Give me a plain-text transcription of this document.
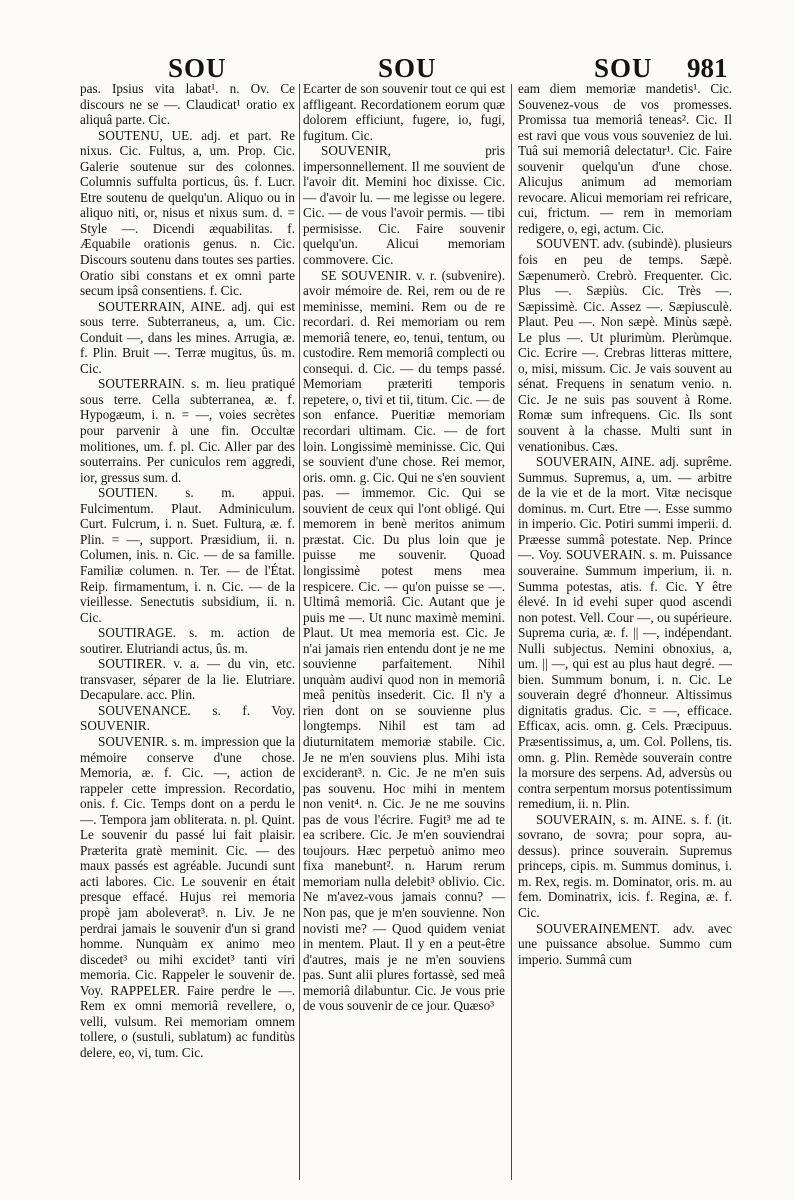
SOU	SOU	SOU 981

pas. Ipsius vita labat¹. n. Ov. Ce discours ne se —. Claudicat¹ oratio ex aliquâ parte. Cic.

SOUTENU, UE. adj. et part. Re nixus. Cic. Fultus, a, um. Prop. Cic. Galerie soutenue sur des colonnes. Columnis suffulta porticus, ûs. f. Lucr. Etre soutenu de quelqu'un. Aliquo ou in aliquo niti, or, nisus et nixus sum. d. = Style —. Dicendi æquabilitas. f. Æquabile orationis genus. n. Cic. Discours soutenu dans toutes ses parties. Oratio sibi constans et ex omni parte secum ipsâ consentiens. f. Cic.

SOUTERRAIN, AINE. adj. qui est sous terre. Subterraneus, a, um. Cic. Conduit —, dans les mines. Arrugia, æ. f. Plin. Bruit —. Terræ mugitus, ûs. m. Cic.

SOUTERRAIN. s. m. lieu pratiqué sous terre. Cella subterranea, æ. f. Hypogæum, i. n. = —, voies secrètes pour parvenir à une fin. Occultæ molitiones, um. f. pl. Cic. Aller par des souterrains. Per cuniculos rem aggredi, ior, gressus sum. d.

SOUTIEN. s. m. appui. Fulcimentum. Plaut. Adminiculum. Curt. Fulcrum, i. n. Suet. Fultura, æ. f. Plin. = —, support. Præsidium, ii. n. Columen, inis. n. Cic. — de sa famille. Familiæ columen. n. Ter. — de l'État. Reip. firmamentum, i. n. Cic. — de la vieillesse. Senectutis subsidium, ii. n. Cic.

SOUTIRAGE. s. m. action de soutirer. Elutriandi actus, ûs. m.

SOUTIRER. v. a. — du vin, etc. transvaser, séparer de la lie. Elutriare. Decapulare. acc. Plin.

SOUVENANCE. s. f. Voy. SOUVENIR.

SOUVENIR. s. m. impression que la mémoire conserve d'une chose. Memoria, æ. f. Cic. —, action de rappeler cette impression. Recordatio, onis. f. Cic. Temps dont on a perdu le —. Tempora jam obliterata. n. pl. Quint. Le souvenir du passé lui fait plaisir. Præterita gratè meminit. Cic. — des maux passés est agréable. Jucundi sunt acti labores. Cic. Le souvenir en était presque effacé. Hujus rei memoria propè jam aboleverat³. n. Liv. Je ne perdrai jamais le souvenir d'un si grand homme. Nunquàm ex animo meo discedet³ ou mihi excidet³ tanti viri memoria. Cic. Rappeler le souvenir de. Voy. RAPPELER. Faire perdre le —. Rem ex omni memoriâ revellere, o, velli, vulsum. Rei memoriam omnem tollere, o (sustuli, sublatum) ac funditùs delere, eo, vi, tum. Cic.

Ecarter de son souvenir tout ce qui est affligeant. Recordationem eorum quæ dolorem efficiunt, fugere, io, fugi, fugitum. Cic.

SOUVENIR, pris impersonnellement. Il me souvient de l'avoir dit. Memini hoc dixisse. Cic. — d'avoir lu. — me legisse ou legere. Cic. — de vous l'avoir permis. — tibi permisisse. Cic. Faire souvenir quelqu'un. Alicui memoriam commovere. Cic.

SE SOUVENIR. v. r. (subvenire). avoir mémoire de. Rei, rem ou de re meminisse, memini. Rem ou de re recordari. d. Rei memoriam ou rem memoriâ tenere, eo, tenui, tentum, ou custodire. Rem memoriâ complecti ou consequi. d. Cic. — du temps passé. Memoriam præteriti temporis repetere, o, tivi et tii, titum. Cic. — de son enfance. Pueritiæ memoriam recordari ultimam. Cic. — de fort loin. Longissimè meminisse. Cic. Qui se souvient d'une chose. Rei memor, oris. omn. g. Cic. Qui ne s'en souvient pas. — immemor. Cic. Qui se souvient de ceux qui l'ont obligé. Qui memorem in benè meritos animum præstat. Cic. Du plus loin que je puisse me souvenir. Quoad longissimè potest mens mea respicere. Cic. — qu'on puisse se —. Ultimâ memoriâ. Cic. Autant que je puis me —. Ut nunc maximè memini. Plaut. Ut mea memoria est. Cic. Je n'ai jamais rien entendu dont je ne me souvienne parfaitement. Nihil unquàm audivi quod non in memoriâ meâ penitùs insederit. Cic. Il n'y a rien dont on se souvienne plus longtemps. Nihil est tam ad diuturnitatem memoriæ stabile. Cic. Je ne m'en souviens plus. Mihi ista exciderant³. n. Cic. Je ne m'en suis pas souvenu. Hoc mihi in mentem non venit⁴. n. Cic. Je ne me souvins pas de vous l'écrire. Fugit³ me ad te ea scribere. Cic. Je m'en souviendrai toujours. Hæc perpetuò animo meo fixa manebunt². n. Harum rerum memoriam nulla delebit³ oblivio. Cic. Ne m'avez-vous jamais connu? — Non pas, que je m'en souvienne. Non novisti me? — Quod quidem veniat in mentem. Plaut. Il y en a peut-être d'autres, mais je ne m'en souviens pas. Sunt alii plures fortassè, sed meâ memoriâ dilabuntur. Cic. Je vous prie de vous souvenir de ce jour. Quæso³

eam diem memoriæ mandetis¹. Cic. Souvenez-vous de vos promesses. Promissa tua memoriâ teneas². Cic. Il est ravi que vous vous souveniez de lui. Tuâ sui memoriâ delectatur¹. Cic. Faire souvenir quelqu'un d'une chose. Alicujus animum ad memoriam revocare. Alicui memoriam rei refricare, cui, frictum. — rem in memoriam redigere, o, egi, actum. Cic.

SOUVENT. adv. (subindè). plusieurs fois en peu de temps. Sæpè. Sæpenumerò. Crebrò. Frequenter. Cic. Plus —. Sæpiùs. Cic. Très —. Sæpissimè. Cic. Assez —. Sæpiusculè. Plaut. Peu —. Non sæpè. Minùs sæpè. Le plus —. Ut plurimùm. Plerùmque. Cic. Ecrire —. Crebras litteras mittere, o, misi, missum. Cic. Je vais souvent au sénat. Frequens in senatum venio. n. Cic. Je ne suis pas souvent à Rome. Romæ sum infrequens. Cic. Ils sont souvent à la chasse. Multi sunt in venationibus. Cæs.

SOUVERAIN, AINE. adj. suprême. Summus. Supremus, a, um. — arbitre de la vie et de la mort. Vitæ necisque dominus. m. Curt. Etre —. Esse summo in imperio. Cic. Potiri summi imperii. d. Præesse summâ potestate. Nep. Prince —. Voy. SOUVERAIN. s. m. Puissance souveraine. Summum imperium, ii. n. Summa potestas, atis. f. Cic. Y être élevé. In id evehi super quod ascendi non potest. Vell. Cour —, ou supérieure. Suprema curia, æ. f. || —, indépendant. Nulli subjectus. Nemini obnoxius, a, um. || —, qui est au plus haut degré. — bien. Summum bonum, i. n. Cic. Le souverain degré d'honneur. Altissimus dignitatis gradus. Cic. = —, efficace. Efficax, acis. omn. g. Cels. Præcipuus. Præsentissimus, a, um. Col. Pollens, tis. omn. g. Plin. Remède souverain contre la morsure des serpens. Ad, adversùs ou contra serpentum morsus potentissimum remedium, ii. n. Plin.

SOUVERAIN, s. m. AINE. s. f. (it. sovrano, de sovra; pour sopra, au-dessus). prince souverain. Supremus princeps, cipis. m. Summus dominus, i. m. Rex, regis. m. Dominator, oris. m. au fem. Dominatrix, icis. f. Regina, æ. f. Cic.

SOUVERAINEMENT. adv. avec une puissance absolue. Summo cum imperio. Summâ cum
